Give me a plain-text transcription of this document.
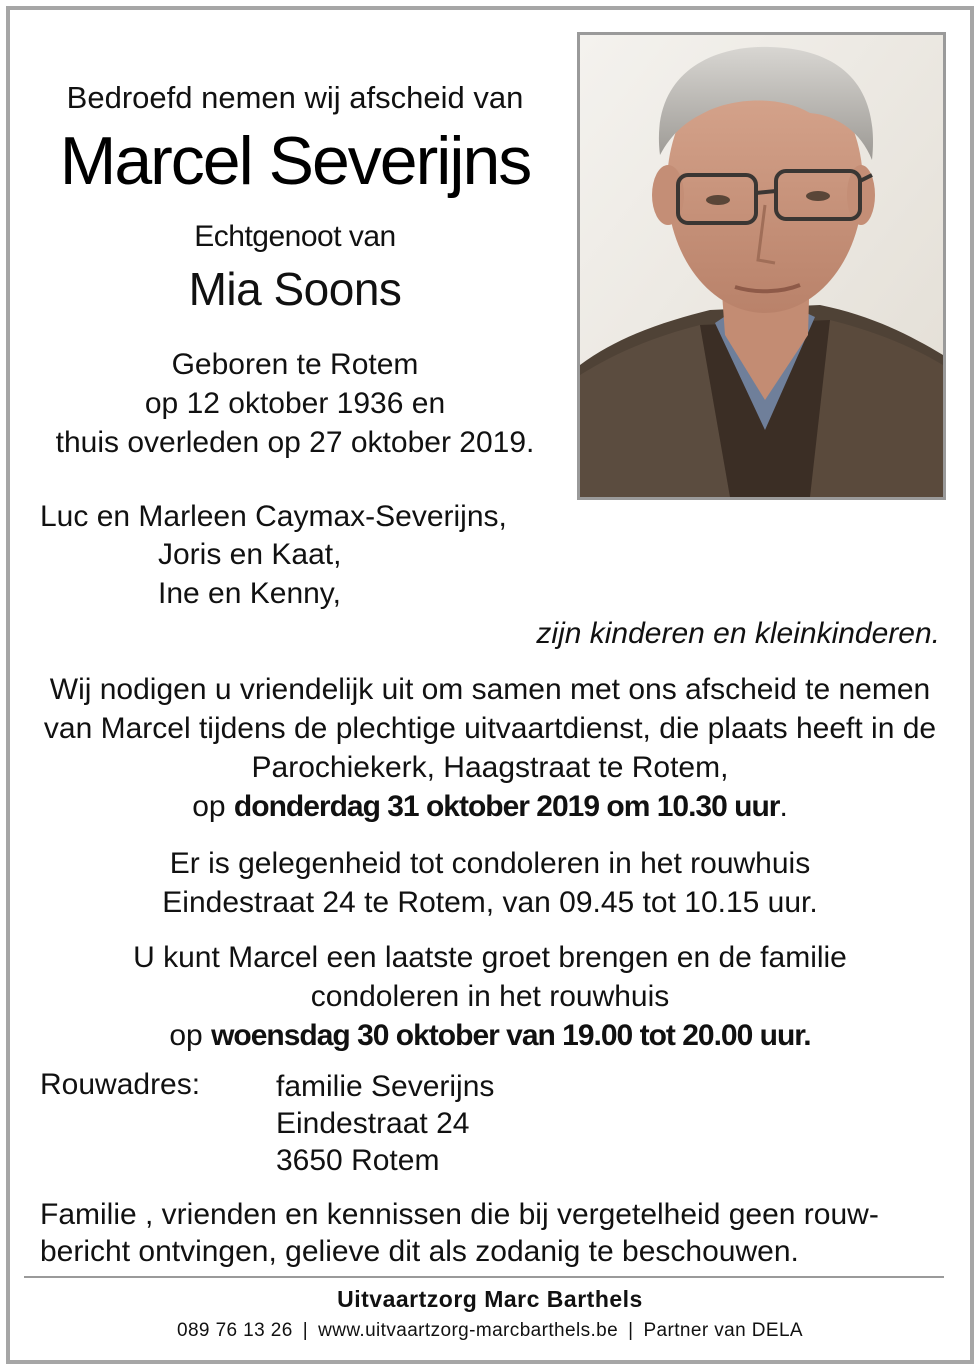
Bedroefd nemen wij afscheid van
Marcel Severijns
Echtgenoot van
Mia Soons
Geboren te Rotem
op 12 oktober 1936 en
thuis overleden op 27 oktober 2019.
Luc en Marleen Caymax-Severijns,
Joris en Kaat,
Ine en Kenny,
zijn kinderen en kleinkinderen.
Wij nodigen u vriendelijk uit om samen met ons afscheid te nemen van Marcel tijdens de plechtige uitvaartdienst, die plaats heeft in de Parochiekerk, Haagstraat te Rotem,
op donderdag 31 oktober 2019 om 10.30 uur.
Er is gelegenheid tot condoleren in het rouwhuis
Eindestraat 24 te Rotem, van 09.45 tot 10.15 uur.
U kunt Marcel een laatste groet brengen en de familie
condoleren in het rouwhuis
op woensdag 30 oktober van 19.00 tot 20.00 uur.
Rouwadres:	familie Severijns
Eindestraat 24
3650 Rotem
Familie , vrienden en kennissen die bij vergetelheid geen rouw-bericht ontvingen, gelieve dit als zodanig te beschouwen.
Uitvaartzorg Marc Barthels
089 76 13 26 | www.uitvaartzorg-marcbarthels.be | Partner van DELA
